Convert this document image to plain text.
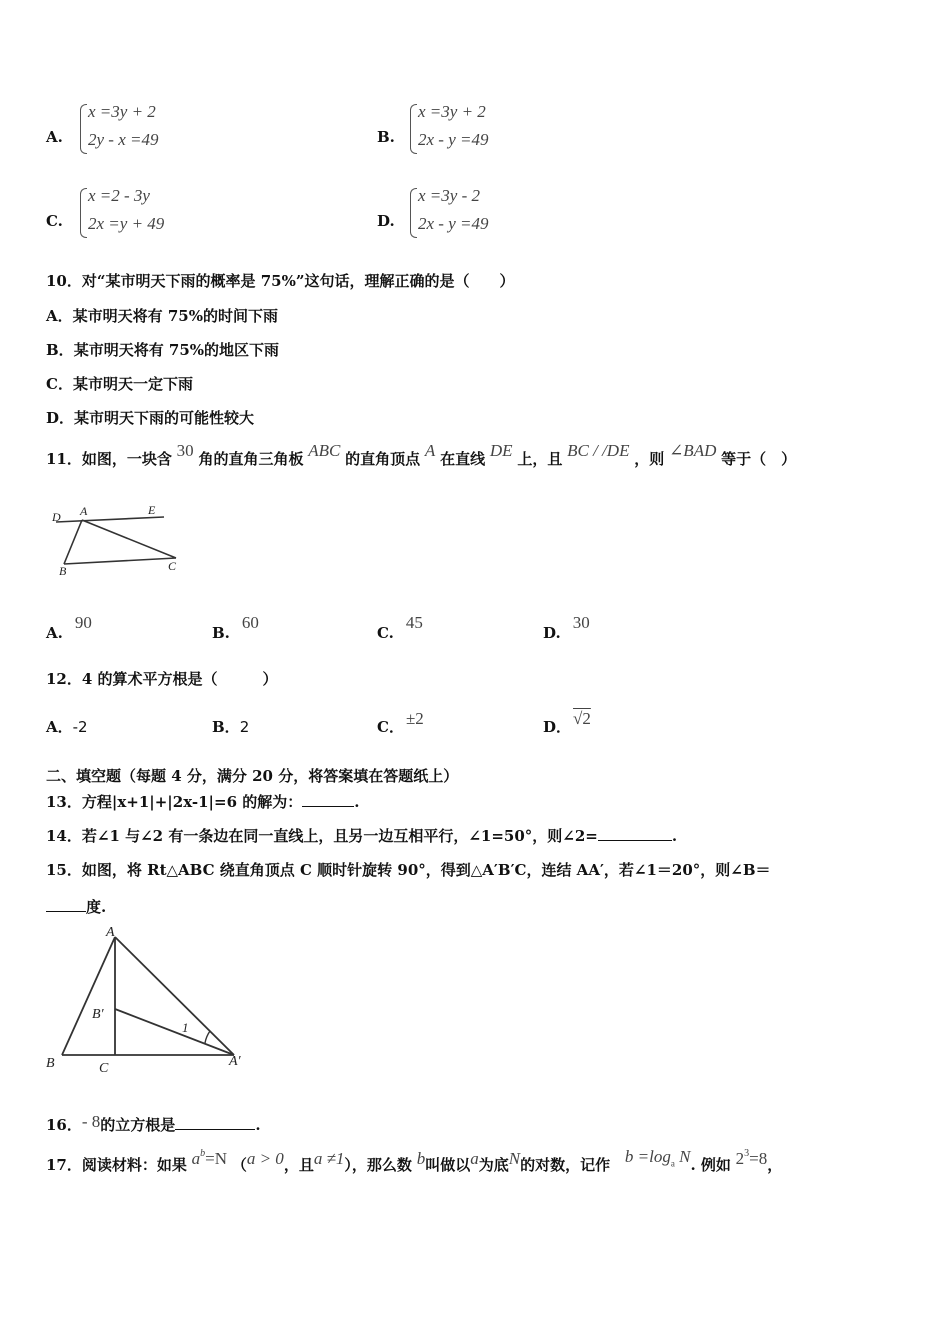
A.
x =3y + 2
2y - x =49	B.
x =3y + 2
2x - y =49
C.
x =2 - 3y
2x =y + 49	D.
x =3y - 2
2x - y =49
10．对“某市明天下雨的概率是 75%”这句话，理解正确的是（　　）
A．某市明天将有 75%的时间下雨
B．某市明天将有 75%的地区下雨
C．某市明天一定下雨
D．某市明天下雨的可能性较大
11．如图，一块含 30 角的直角三角板 ABC 的直角顶点 A 在直线 DE 上，且 BC / /DE ，则 ∠BAD 等于（　）
D A	E
B	C
A.90
B.60
C.45
D.30
12．4 的算术平方根是（　　　）
A．-2	B．2	C． ±2	D． √2
二、填空题（每题 4 分，满分 20 分，将答案填在答题纸上）
13．方程|x+1|+|2x-1|=6 的解为：	.
14．若∠1 与∠2 有一条边在同一直线上，且另一边互相平行，∠1=50°，则∠2=	.
15．如图，将 Rt△ABC 绕直角顶点 C 顺时针旋转 90°，得到△A′B′C，连结 AA′，若∠1＝20°，则∠B＝
度.
A
B′
1
B	C	A′
16．- 8的立方根是	.
17．阅读材料：如果 $a^b=N$ （a > 0，且a ≠1），那么数 b叫做以a为底N的对数，记作 $b =\log_a$ N. 例如 $2^3=8$，
